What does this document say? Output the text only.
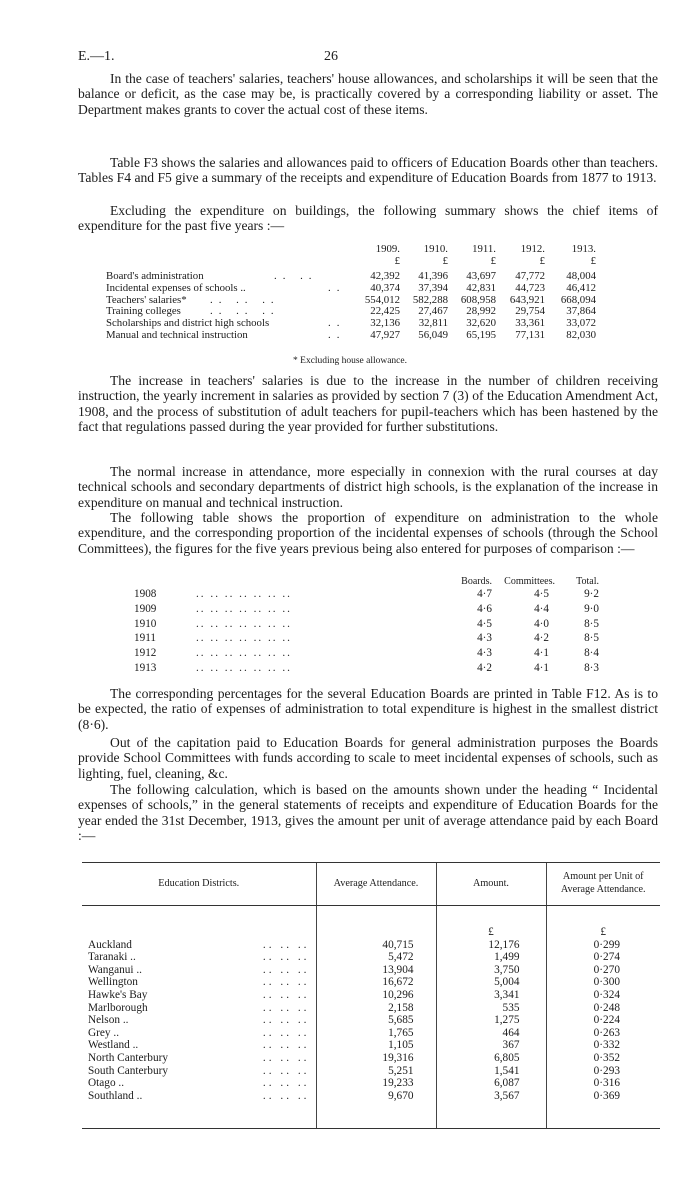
E.—1.	26

In the case of teachers' salaries, teachers' house allowances, and scholarships it will be seen that the balance or deficit, as the case may be, is practically covered by a corresponding liability or asset. The Department makes grants to cover the actual cost of these items.

Table F3 shows the salaries and allowances paid to officers of Education Boards other than teachers. Tables F4 and F5 give a summary of the receipts and expenditure of Education Boards from 1877 to 1913.

Excluding the expenditure on buildings, the following summary shows the chief items of expenditure for the past five years :—

1909.	1910.	1911.	1912.	1913.
£	£	£	£	£
Board's administration	.. ..	42,392	41,396	43,697	47,772	48,004
Incidental expenses of schools ..	..	40,374	37,394	42,831	44,723	46,412
Teachers' salaries* .. .. ..	554,012	582,288	608,958	643,921	668,094
Training colleges	.. .. ..	22,425	27,467	28,992	29,754	37,864
Scholarships and district high schools	..	32,136	32,811	32,620	33,361	33,072
Manual and technical instruction	..	47,927	56,049	65,195	77,131	82,030
* Excluding house allowance.

The increase in teachers' salaries is due to the increase in the number of children receiving instruction, the yearly increment in salaries as provided by section 7 (3) of the Education Amendment Act, 1908, and the process of substitution of adult teachers for pupil-teachers which has been hastened by the fact that regulations passed during the year provided for further substitutions.

The normal increase in attendance, more especially in connexion with the rural courses at day technical schools and secondary departments of district high schools, is the explanation of the increase in expenditure on manual and technical instruction.

The following table shows the proportion of expenditure on administration to the whole expenditure, and the corresponding proportion of the incidental expenses of schools (through the School Committees), the figures for the five years previous being also entered for purposes of comparison :—

Boards.	Committees.	Total.
1908	.. .. .. .. .. .. ..	4·7	4·5	9·2
1909	.. .. .. .. .. .. ..	4·6	4·4	9·0
1910	.. .. .. .. .. .. ..	4·5	4·0	8·5
1911	.. .. .. .. .. .. ..	4·3	4·2	8·5
1912	.. .. .. .. .. .. ..	4·3	4·1	8·4
1913	.. .. .. .. .. .. ..	4·2	4·1	8·3

The corresponding percentages for the several Education Boards are printed in Table F12. As is to be expected, the ratio of expenses of administration to total expenditure is highest in the smallest district (8·6).

Out of the capitation paid to Education Boards for general administration purposes the Boards provide School Committees with funds according to scale to meet incidental expenses of schools, such as lighting, fuel, cleaning, &c.

The following calculation, which is based on the amounts shown under the heading “ Incidental expenses of schools,” in the general statements of receipts and expenditure of Education Boards for the year ended the 31st December, 1913, gives the amount per unit of average attendance paid by each Board :—

Education Districts.	Average Attendance.	Amount.	Amount per Unit of Average Attendance.

		£	£
Auckland .. .. ..	40,715	12,176	0·299
Taranaki .. .. .. ..	5,472	1,499	0·274
Wanganui .. .. .. ..	13,904	3,750	0·270
Wellington .. .. ..	16,672	5,004	0·300
Hawke's Bay .. .. ..	10,296	3,341	0·324
Marlborough .. .. ..	2,158	535	0·248
Nelson .. .. .. ..	5,685	1,275	0·224
Grey .. .. .. ..	1,765	464	0·263
Westland .. .. .. ..	1,105	367	0·332
North Canterbury .. .. ..	19,316	6,805	0·352
South Canterbury .. .. ..	5,251	1,541	0·293
Otago .. .. .. ..	19,233	6,087	0·316
Southland .. .. .. ..	9,670	3,567	0·369
